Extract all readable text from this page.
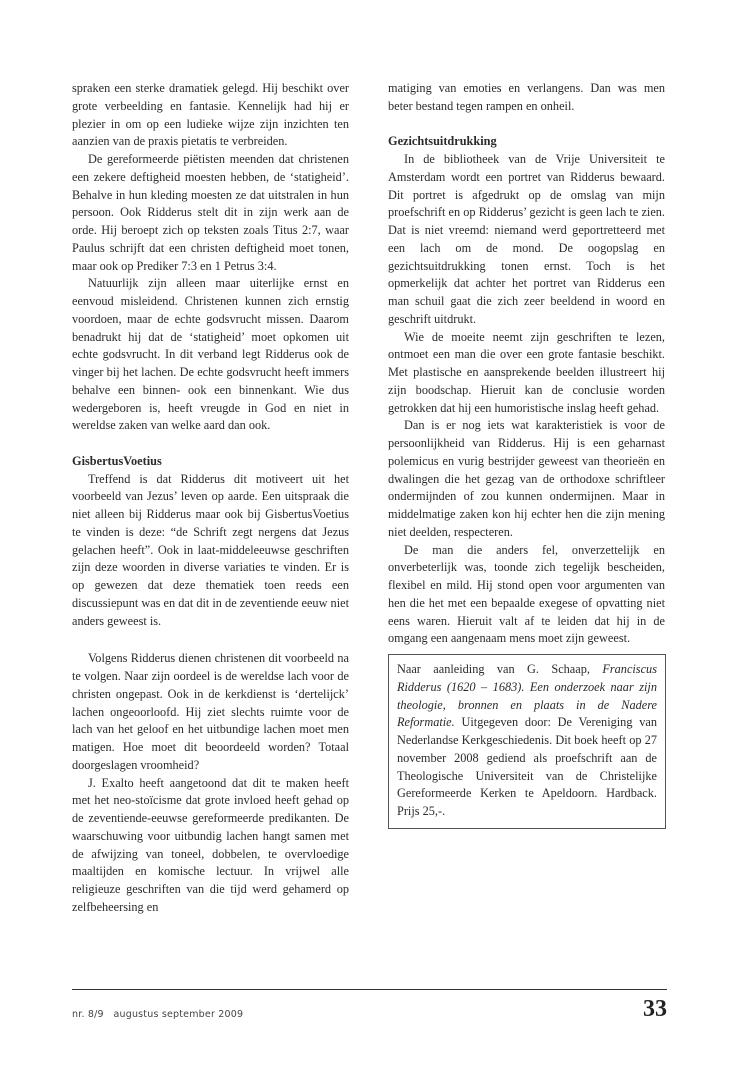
spraken een sterke dramatiek gelegd. Hij beschikt over grote verbeelding en fantasie. Kennelijk had hij er plezier in om op een ludieke wijze zijn inzichten ten aanzien van de praxis pietatis te verbreiden.

De gereformeerde piëtisten meenden dat christenen een zekere deftigheid moesten hebben, de ‘statigheid’. Behalve in hun kleding moesten ze dat uitstralen in hun persoon. Ook Ridderus stelt dit in zijn werk aan de orde. Hij beroept zich op teksten zoals Titus 2:7, waar Paulus schrijft dat een christen deftigheid moet tonen, maar ook op Prediker 7:3 en 1 Petrus 3:4.

Natuurlijk zijn alleen maar uiterlijke ernst en eenvoud misleidend. Christenen kunnen zich ernstig voordoen, maar de echte godsvrucht missen. Daarom benadrukt hij dat de ‘statigheid’ moet opkomen uit echte godsvrucht. In dit verband legt Ridderus ook de vinger bij het lachen. De echte godsvrucht heeft immers behalve een binnen- ook een binnenkant. Wie dus wedergeboren is, heeft vreugde in God en niet in wereldse zaken van welke aard dan ook.

GisbertusVoetius

Treffend is dat Ridderus dit motiveert uit het voorbeeld van Jezus’ leven op aarde. Een uitspraak die niet alleen bij Ridderus maar ook bij GisbertusVoetius te vinden is deze: “de Schrift zegt nergens dat Jezus gelachen heeft”. Ook in laat-middeleeuwse geschriften zijn deze woorden in diverse variaties te vinden. Er is op gewezen dat deze thematiek toen reeds een discussiepunt was en dat dit in de zeventiende eeuw niet anders geweest is.

Volgens Ridderus dienen christenen dit voorbeeld na te volgen. Naar zijn oordeel is de wereldse lach voor de christen ongepast. Ook in de kerkdienst is ‘dertelijck’ lachen ongeoorloofd. Hij ziet slechts ruimte voor de lach van het geloof en het uitbundige lachen moet men matigen. Hoe moet dit beoordeeld worden? Totaal doorgeslagen vroomheid?

J. Exalto heeft aangetoond dat dit te maken heeft met het neo-stoïcisme dat grote invloed heeft gehad op de zeventiende-eeuwse gereformeerde predikanten. De waarschuwing voor uitbundig lachen hangt samen met de afwijzing van toneel, dobbelen, te overvloedige maaltijden en komische lectuur. In vrijwel alle religieuze geschriften van die tijd werd gehamerd op zelfbeheersing en

matiging van emoties en verlangens. Dan was men beter bestand tegen rampen en onheil.

Gezichtsuitdrukking

In de bibliotheek van de Vrije Universiteit te Amsterdam wordt een portret van Ridderus bewaard. Dit portret is afgedrukt op de omslag van mijn proefschrift en op Ridderus’ gezicht is geen lach te zien. Dat is niet vreemd: niemand werd geportretteerd met een lach om de mond. De oogopslag en gezichtsuitdrukking tonen ernst. Toch is het opmerkelijk dat achter het portret van Ridderus een man schuil gaat die zich zeer beeldend in woord en geschrift uitdrukt.

Wie de moeite neemt zijn geschriften te lezen, ontmoet een man die over een grote fantasie beschikt. Met plastische en aansprekende beelden illustreert hij zijn boodschap. Hieruit kan de conclusie worden getrokken dat hij een humoristische inslag heeft gehad.

Dan is er nog iets wat karakteristiek is voor de persoonlijkheid van Ridderus. Hij is een geharnast polemicus en vurig bestrijder geweest van theorieën en dwalingen die het gezag van de orthodoxe schriftleer ondermijnden of zou kunnen ondermijnen. Maar in middelmatige zaken kon hij echter hen die zijn mening niet deelden, respecteren.

De man die anders fel, onverzettelijk en onverbeterlijk was, toonde zich tegelijk bescheiden, flexibel en mild. Hij stond open voor argumenten van hen die het met een bepaalde exegese of opvatting niet eens waren. Hieruit valt af te leiden dat hij in de omgang een aangenaam mens moet zijn geweest.

Naar aanleiding van G. Schaap, Franciscus Ridderus (1620 – 1683). Een onderzoek naar zijn theologie, bronnen en plaats in de Nadere Reformatie. Uitgegeven door: De Vereniging van Nederlandse Kerkgeschiedenis. Dit boek heeft op 27 november 2008 gediend als proefschrift aan de Theologische Universiteit van de Christelijke Gereformeerde Kerken te Apeldoorn. Hardback. Prijs 25,-.
nr. 8/9 augustus september 2009	33
